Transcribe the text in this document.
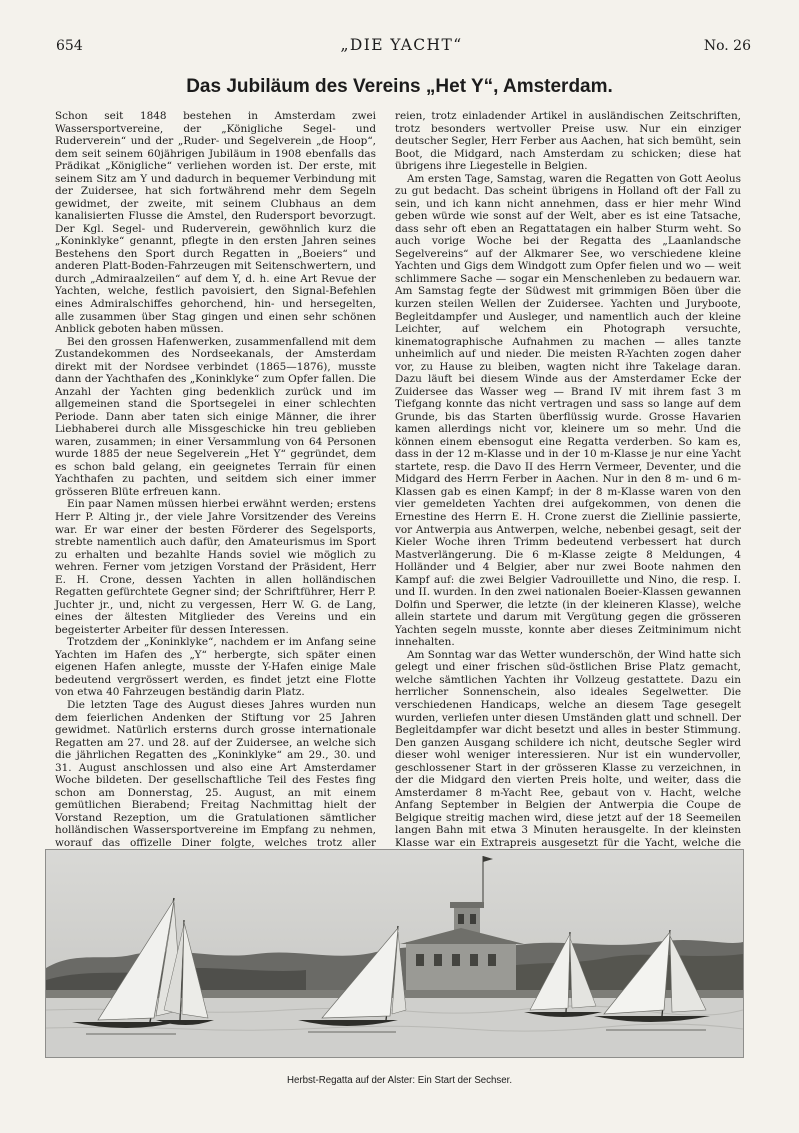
654	„DIE YACHT“	No. 26
Das Jubiläum des Vereins „Het Y“, Amsterdam.

Schon seit 1848 bestehen in Amsterdam zwei Wassersportvereine, der „Königliche Segel- und Ruderverein“ und der „Ruder- und Segelverein „de Hoop“, dem seit seinem 60jährigen Jubiläum in 1908 ebenfalls das Prädikat „Königliche“ verliehen worden ist. Der erste, mit seinem Sitz am Y und dadurch in bequemer Verbindung mit der Zuidersee, hat sich fortwährend mehr dem Segeln gewidmet, der zweite, mit seinem Clubhaus an dem kanalisierten Flusse die Amstel, den Rudersport bevorzugt. Der Kgl. Segel- und Ruderverein, gewöhnlich kurz die „Koninklyke“ genannt, pflegte in den ersten Jahren seines Bestehens den Sport durch Regatten in „Boeiers“ und anderen Platt-Boden-Fahrzeugen mit Seitenschwertern, und durch „Admiraalzeilen“ auf dem Y, d. h. eine Art Revue der Yachten, welche, festlich pavoisiert, den Signal-Befehlen eines Admiralschiffes gehorchend, hin- und hersegelten, alle zusammen über Stag gingen und einen sehr schönen Anblick geboten haben müssen.

Bei den grossen Hafenwerken, zusammenfallend mit dem Zustandekommen des Nordseekanals, der Amsterdam direkt mit der Nordsee verbindet (1865—1876), musste dann der Yachthafen des „Koninklyke“ zum Opfer fallen. Die Anzahl der Yachten ging bedenklich zurück und im allgemeinen stand die Sportsegelei in einer schlechten Periode. Dann aber taten sich einige Männer, die ihrer Liebhaberei durch alle Missgeschicke hin treu geblieben waren, zusammen; in einer Versammlung von 64 Personen wurde 1885 der neue Segelverein „Het Y“ gegründet, dem es schon bald gelang, ein geeignetes Terrain für einen Yachthafen zu pachten, und seitdem sich einer immer grösseren Blüte erfreuen kann.

Ein paar Namen müssen hierbei erwähnt werden; erstens Herr P. Alting jr., der viele Jahre Vorsitzender des Vereins war. Er war einer der besten Förderer des Segelsports, strebte namentlich auch dafür, den Amateurismus im Sport zu erhalten und bezahlte Hands soviel wie möglich zu wehren. Ferner vom jetzigen Vorstand der Präsident, Herr E. H. Crone, dessen Yachten in allen holländischen Regatten gefürchtete Gegner sind; der Schriftführer, Herr P. Juchter jr., und, nicht zu vergessen, Herr W. G. de Lang, eines der ältesten Mitglieder des Vereins und ein begeisterter Arbeiter für dessen Interessen.

Trotzdem der „Koninklyke“, nachdem er im Anfang seine Yachten im Hafen des „Y“ herbergte, sich später einen eigenen Hafen anlegte, musste der Y-Hafen einige Male bedeutend vergrössert werden, es findet jetzt eine Flotte von etwa 40 Fahrzeugen beständig darin Platz.

Die letzten Tage des August dieses Jahres wurden nun dem feierlichen Andenken der Stiftung vor 25 Jahren gewidmet. Natürlich ersterns durch grosse internationale Regatten am 27. und 28. auf der Zuidersee, an welche sich die jährlichen Regatten des „Koninklyke“ am 29., 30. und 31. August anschlossen und also eine Art Amsterdamer Woche bildeten. Der gesellschaftliche Teil des Festes fing schon am Donnerstag, 25. August, an mit einem gemütlichen Bierabend; Freitag Nachmittag hielt der Vorstand Rezeption, um die Gratulationen sämtlicher holländischen Wassersportvereine im Empfang zu nehmen, worauf das offizelle Diner folgte, welches trotz aller

reien, trotz einladender Artikel in ausländischen Zeitschriften, trotz besonders wertvoller Preise usw. Nur ein einziger deutscher Segler, Herr Ferber aus Aachen, hat sich bemüht, sein Boot, die Midgard, nach Amsterdam zu schicken; diese hat übrigens ihre Liegestelle in Belgien.

Am ersten Tage, Samstag, waren die Regatten von Gott Aeolus zu gut bedacht. Das scheint übrigens in Holland oft der Fall zu sein, und ich kann nicht annehmen, dass er hier mehr Wind geben würde wie sonst auf der Welt, aber es ist eine Tatsache, dass sehr oft eben an Regattatagen ein halber Sturm weht. So auch vorige Woche bei der Regatta des „Laanlandsche Segelvereins“ auf der Alkmarer See, wo verschiedene kleine Yachten und Gigs dem Windgott zum Opfer fielen und wo — weit schlimmere Sache — sogar ein Menschenleben zu bedauern war. Am Samstag fegte der Südwest mit grimmigen Böen über die kurzen steilen Wellen der Zuidersee. Yachten und Juryboote, Begleitdampfer und Ausleger, und namentlich auch der kleine Leichter, auf welchem ein Photograph versuchte, kinematographische Aufnahmen zu machen — alles tanzte unheimlich auf und nieder. Die meisten R-Yachten zogen daher vor, zu Hause zu bleiben, wagten nicht ihre Takelage daran. Dazu läuft bei diesem Winde aus der Amsterdamer Ecke der Zuidersee das Wasser weg — Brand IV mit ihrem fast 3 m Tiefgang konnte das nicht vertragen und sass so lange auf dem Grunde, bis das Starten überflüssig wurde. Grosse Havarien kamen allerdings nicht vor, kleinere um so mehr. Und die können einem ebensogut eine Regatta verderben. So kam es, dass in der 12 m-Klasse und in der 10 m-Klasse je nur eine Yacht startete, resp. die Davo II des Herrn Vermeer, Deventer, und die Midgard des Herrn Ferber in Aachen. Nur in den 8 m- und 6 m-Klassen gab es einen Kampf; in der 8 m-Klasse waren von den vier gemeldeten Yachten drei aufgekommen, von denen die Ernestine des Herrn E. H. Crone zuerst die Ziellinie passierte, vor Antwerpia aus Antwerpen, welche, nebenbei gesagt, seit der Kieler Woche ihren Trimm bedeutend verbessert hat durch Mastverlängerung. Die 6 m-Klasse zeigte 8 Meldungen, 4 Holländer und 4 Belgier, aber nur zwei Boote nahmen den Kampf auf: die zwei Belgier Vadrouillette und Nino, die resp. I. und II. wurden. In den zwei nationalen Boeier-Klassen gewannen Dolfin und Sperwer, die letzte (in der kleineren Klasse), welche allein startete und darum mit Vergütung gegen die grösseren Yachten segeln musste, konnte aber dieses Zeitminimum nicht innehalten.

Am Sonntag war das Wetter wunderschön, der Wind hatte sich gelegt und einer frischen süd-östlichen Brise Platz gemacht, welche sämtlichen Yachten ihr Vollzeug gestattete. Dazu ein herrlicher Sonnenschein, also ideales Segelwetter. Die verschiedenen Handicaps, welche an diesem Tage gesegelt wurden, verliefen unter diesen Umständen glatt und schnell. Der Begleitdampfer war dicht besetzt und alles in bester Stimmung. Den ganzen Ausgang schildere ich nicht, deutsche Segler wird dieser wohl weniger interessieren. Nur ist ein wundervoller, geschlossener Start in der grösseren Klasse zu verzeichnen, in der die Midgard den vierten Preis holte, und weiter, dass die Amsterdamer 8 m-Yacht Ree, gebaut von v. Hacht, welche Anfang September in Belgien der Antwerpia die Coupe de Belgique streitig machen wird, diese jetzt auf der 18 Seemeilen langen Bahn mit etwa 3 Minuten herausgelte. In der kleinsten Klasse war ein Extrapreis ausgesetzt für die Yacht, welche die

Herbst-Regatta auf der Alster: Ein Start der Sechser.
